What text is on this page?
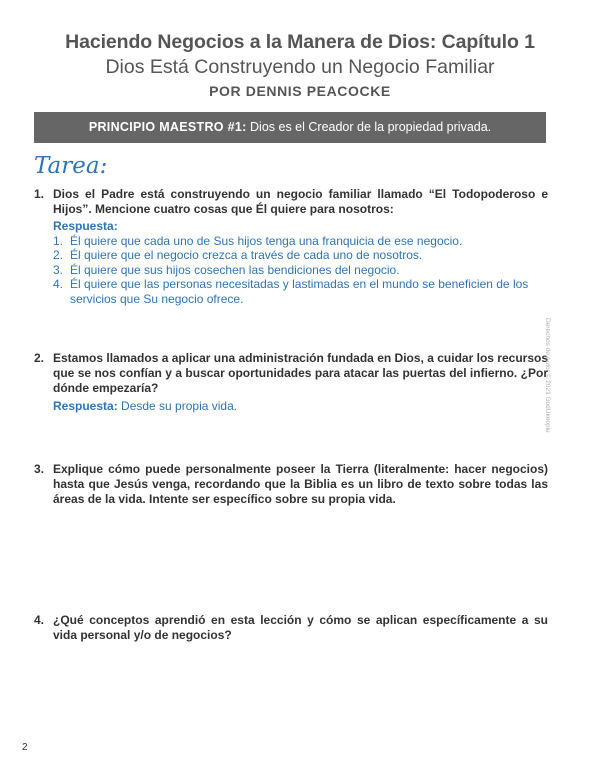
Haciendo Negocios a la Manera de Dios: Capítulo 1
Dios Está Construyendo un Negocio Familiar
POR DENNIS PEACOCKE
PRINCIPIO MAESTRO #1: Dios es el Creador de la propiedad privada.
Tarea:
1. Dios el Padre está construyendo un negocio familiar llamado “El Todopoderoso e Hijos”. Mencione cuatro cosas que Él quiere para nosotros:
Respuesta:
1. Él quiere que cada uno de Sus hijos tenga una franquicia de ese negocio.
2. Él quiere que el negocio crezca a través de cada uno de nosotros.
3. Él quiere que sus hijos cosechen las bendiciones del negocio.
4. Él quiere que las personas necesitadas y lastimadas en el mundo se beneficien de los servicios que Su negocio ofrece.
2. Estamos llamados a aplicar una administración fundada en Dios, a cuidar los recursos que se nos confían y a buscar oportunidades para atacar las puertas del infierno. ¿Por dónde empezaría?
Respuesta: Desde su propia vida.
3. Explique cómo puede personalmente poseer la Tierra (literalmente: hacer negocios) hasta que Jesús venga, recordando que la Biblia es un libro de texto sobre todas las áreas de la vida. Intente ser específico sobre su propia vida.
4. ¿Qué conceptos aprendió en esta lección y cómo se aplican específicamente a su vida personal y/o de negocios?
Derechos de Autor © 2021 GodUkeople
2
